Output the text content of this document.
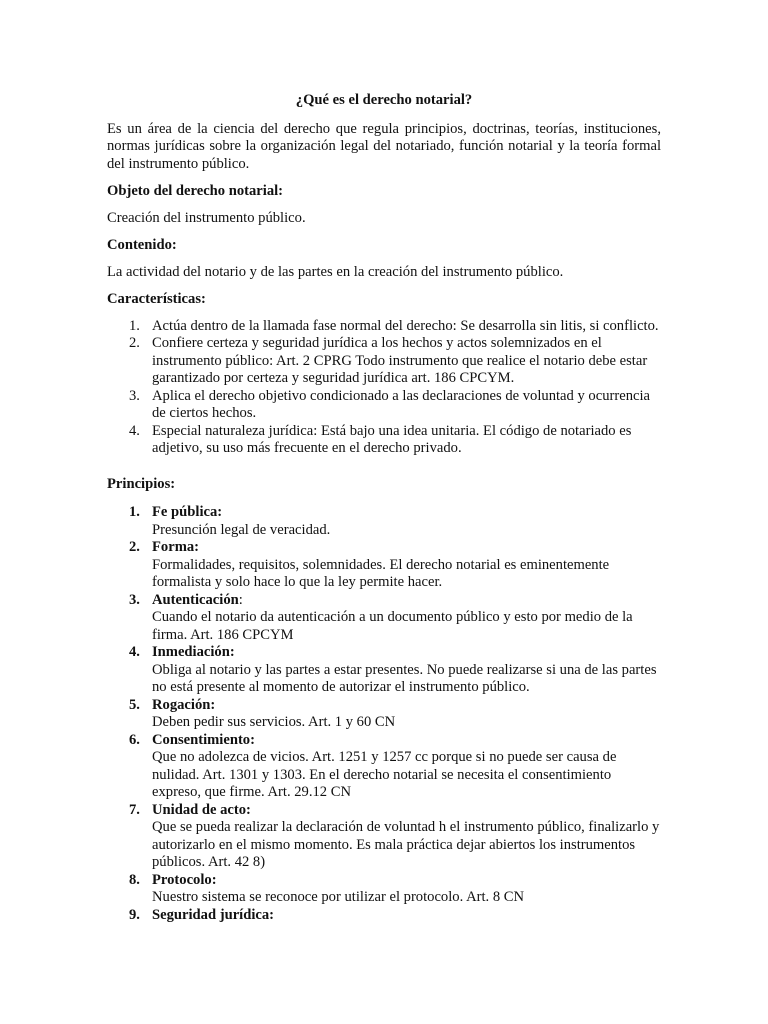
¿Qué es el derecho notarial?

Es un área de la ciencia del derecho que regula principios, doctrinas, teorías, instituciones, normas jurídicas sobre la organización legal del notariado, función notarial y la teoría formal del instrumento público.

Objeto del derecho notarial:

Creación del instrumento público.

Contenido:

La actividad del notario y de las partes en la creación del instrumento público.

Características:

1. Actúa dentro de la llamada fase normal del derecho: Se desarrolla sin litis, si conflicto.
2. Confiere certeza y seguridad jurídica a los hechos y actos solemnizados en el instrumento público: Art. 2 CPRG Todo instrumento que realice el notario debe estar garantizado por certeza y seguridad jurídica art. 186 CPCYM.
3. Aplica el derecho objetivo condicionado a las declaraciones de voluntad y ocurrencia de ciertos hechos.
4. Especial naturaleza jurídica: Está bajo una idea unitaria. El código de notariado es adjetivo, su uso más frecuente en el derecho privado.

Principios:

1. Fe pública:
Presunción legal de veracidad.
2. Forma:
Formalidades, requisitos, solemnidades. El derecho notarial es eminentemente formalista y solo hace lo que la ley permite hacer.
3. Autenticación:
Cuando el notario da autenticación a un documento público y esto por medio de la firma. Art. 186 CPCYM
4. Inmediación:
Obliga al notario y las partes a estar presentes. No puede realizarse si una de las partes no está presente al momento de autorizar el instrumento público.
5. Rogación:
Deben pedir sus servicios. Art. 1 y 60 CN
6. Consentimiento:
Que no adolezca de vicios. Art. 1251 y 1257 cc porque si no puede ser causa de nulidad. Art. 1301 y 1303. En el derecho notarial se necesita el consentimiento expreso, que firme. Art. 29.12 CN
7. Unidad de acto:
Que se pueda realizar la declaración de voluntad h el instrumento público, finalizarlo y autorizarlo en el mismo momento. Es mala práctica dejar abiertos los instrumentos públicos. Art. 42 8)
8. Protocolo:
Nuestro sistema se reconoce por utilizar el protocolo. Art. 8 CN
9. Seguridad jurídica:
